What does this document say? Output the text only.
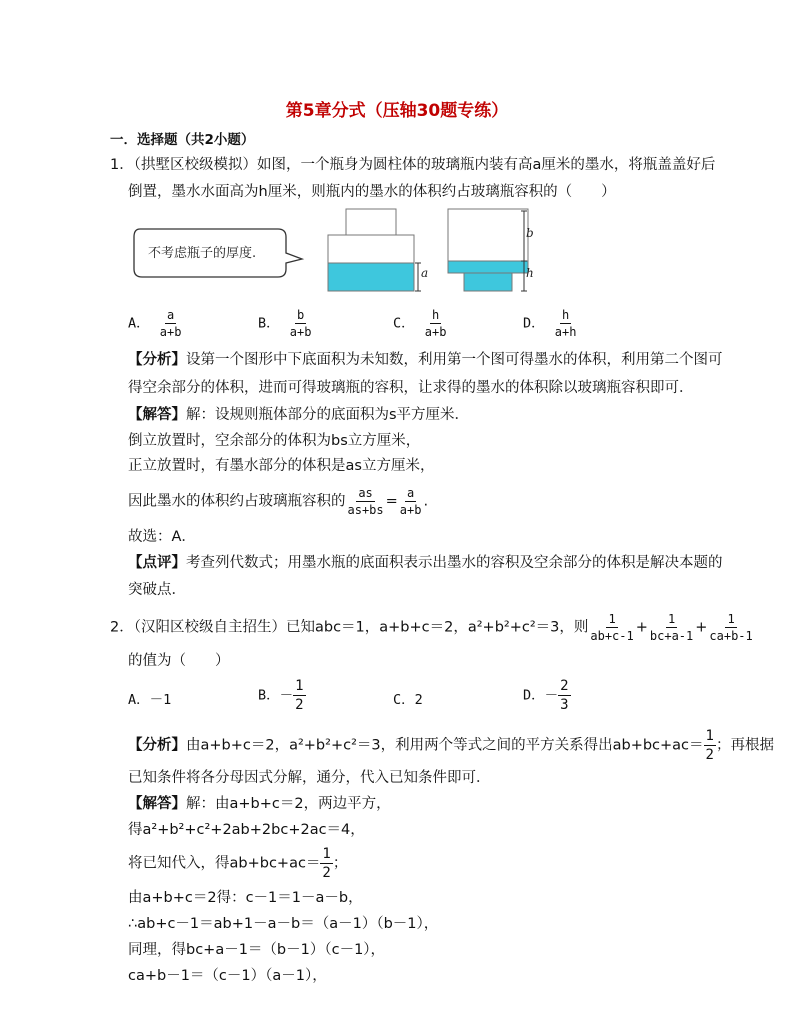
第5章分式（压轴30题专练）
一．选择题（共2小题）
1．（拱墅区校级模拟）如图，一个瓶身为圆柱体的玻璃瓶内装有高a厘米的墨水，将瓶盖盖好后
倒置，墨水水面高为h厘米，则瓶内的墨水的体积约占玻璃瓶容积的（　　）
不考虑瓶子的厚度.
a
b
h
A． $\frac{a}{a+b}$	B． $\frac{b}{a+b}$	C． $\frac{h}{a+b}$	D． $\frac{h}{a+h}$
【分析】设第一个图形中下底面积为未知数，利用第一个图可得墨水的体积，利用第二个图可
得空余部分的体积，进而可得玻璃瓶的容积，让求得的墨水的体积除以玻璃瓶容积即可．
【解答】解：设规则瓶体部分的底面积为s平方厘米．
倒立放置时，空余部分的体积为bs立方厘米，
正立放置时，有墨水部分的体积是as立方厘米，
因此墨水的体积约占玻璃瓶容积的 $\frac{as}{as+bs} = \frac{a}{a+b}$ .
故选：A．
【点评】考查列代数式；用墨水瓶的底面积表示出墨水的容积及空余部分的体积是解决本题的
突破点．
2．（汉阳区校级自主招生）已知abc＝1，a+b+c＝2，a²+b²+c²＝3，则 $\frac{1}{ab+c-1} + \frac{1}{bc+a-1} + \frac{1}{ca+b-1}$
的值为（　　）
A．－1	B．－ $\frac{1}{2}$	C．2	D．－ $\frac{2}{3}$
【分析】由a+b+c＝2，a²+b²+c²＝3，利用两个等式之间的平方关系得出$ab+bc+ac= \frac{1}{2}$ ；再根据
已知条件将各分母因式分解，通分，代入已知条件即可．
【解答】解：由a+b+c＝2，两边平方，
得a²+b²+c²+2ab+2bc+2ac＝4，
将已知代入，得$ab+bc+ac= \frac{1}{2}$ ；
由a+b+c＝2得：c－1＝1－a－b，
∴ab+c－1＝ab+1－a－b＝（a－1）（b－1），
同理，得bc+a－1＝（b－1）（c－1），
ca+b－1＝（c－1）（a－1），
